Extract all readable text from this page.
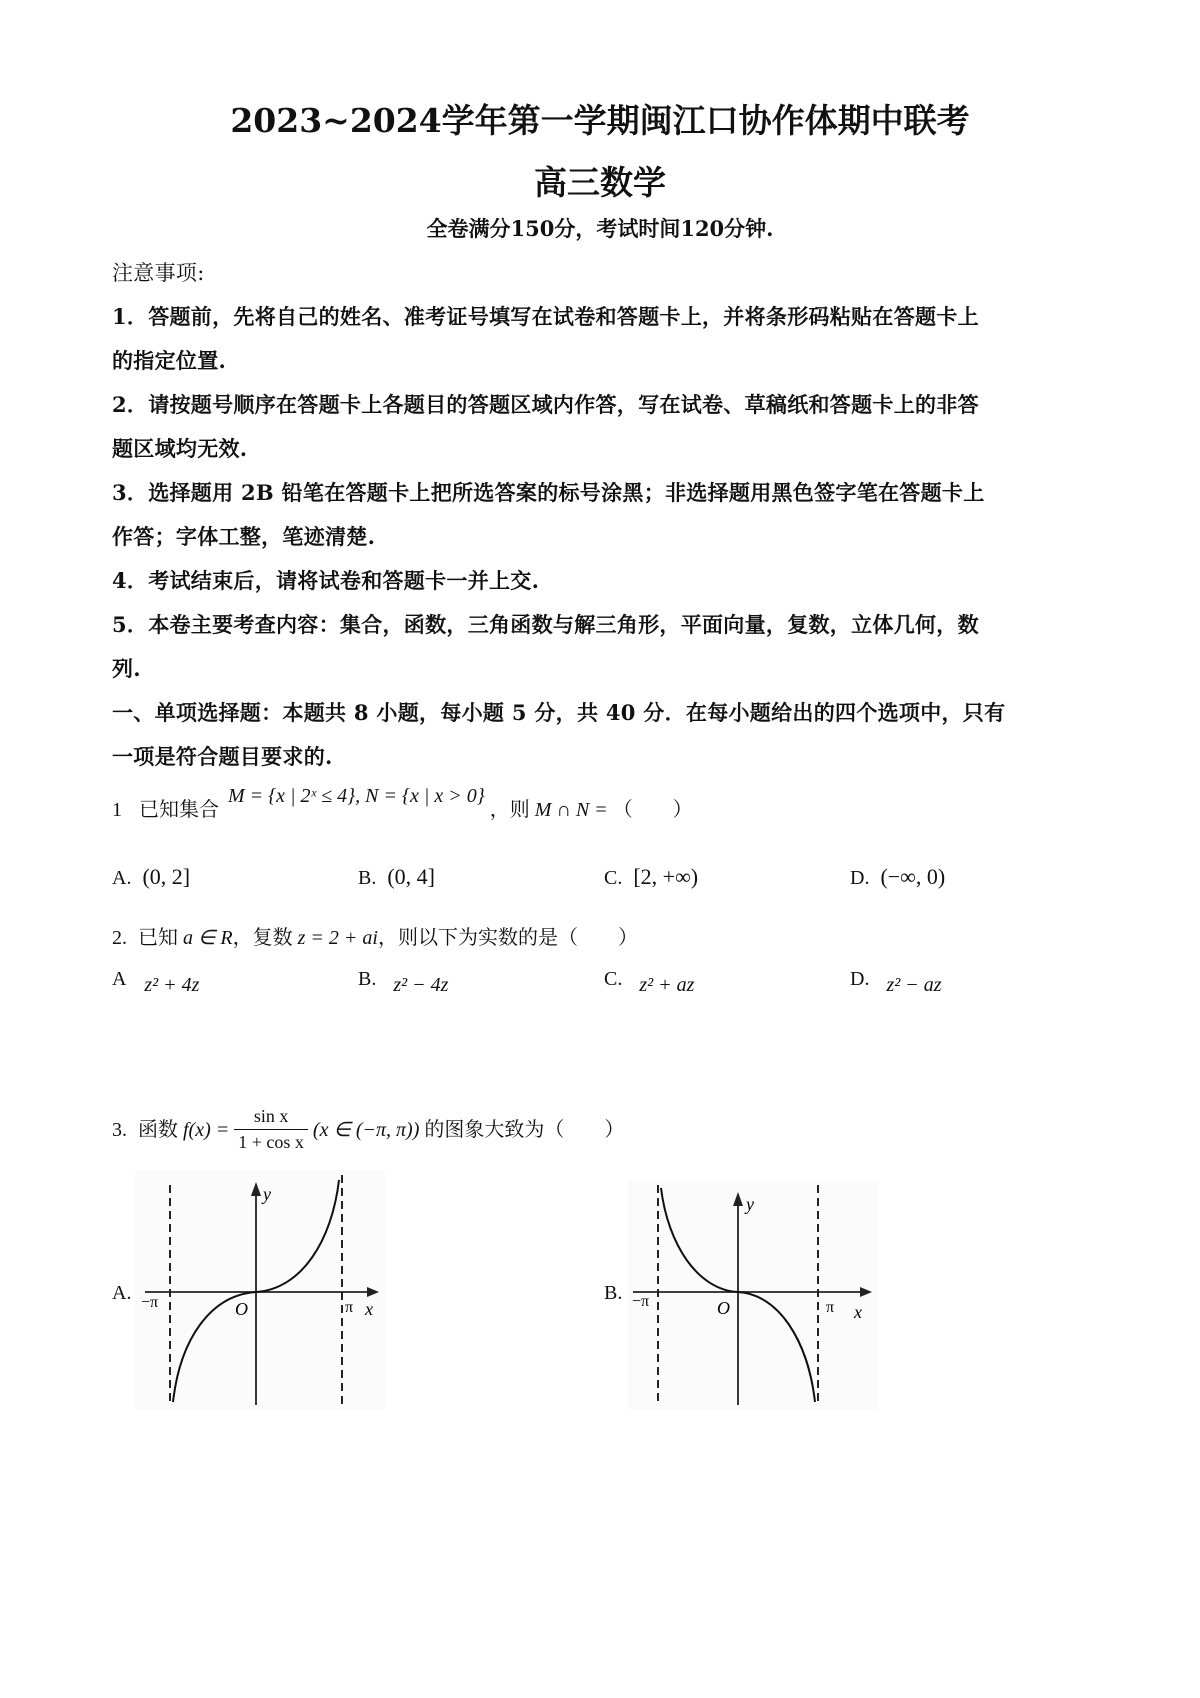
2023~2024学年第一学期闽江口协作体期中联考
高三数学
全卷满分150分，考试时间120分钟.
注意事项:
1．答题前，先将自己的姓名、准考证号填写在试卷和答题卡上，并将条形码粘贴在答题卡上
的指定位置.
2．请按题号顺序在答题卡上各题目的答题区域内作答，写在试卷、草稿纸和答题卡上的非答
题区域均无效.
3．选择题用 2B 铅笔在答题卡上把所选答案的标号涂黑；非选择题用黑色签字笔在答题卡上
作答；字体工整，笔迹清楚.
4．考试结束后，请将试卷和答题卡一并上交.
5．本卷主要考查内容：集合，函数，三角函数与解三角形，平面向量，复数，立体几何，数
列.
一、单项选择题：本题共 8 小题，每小题 5 分，共 40 分．在每小题给出的四个选项中，只有
一项是符合题目要求的.
1 已知集合 M = {x | 2ˣ ≤ 4}, N = {x | x > 0} ，则 M ∩ N = （　　）
A. (0, 2]	B. (0, 4]	C. [2, +∞)	D. (−∞, 0)
2. 已知 a ∈ R，复数 z = 2 + ai，则以下为实数的是（　　）
A z² + 4z	B. z² − 4z	C. z² + az	D. z² − az
3. 函数 $f(x) = \frac{\text{sin x}}{\text{1 + cos x}} (x$ ∈ (−π, π)) 的图象大致为（　　）
A.
y
x
O
−π	π
B.
y
x
O
−π	π
